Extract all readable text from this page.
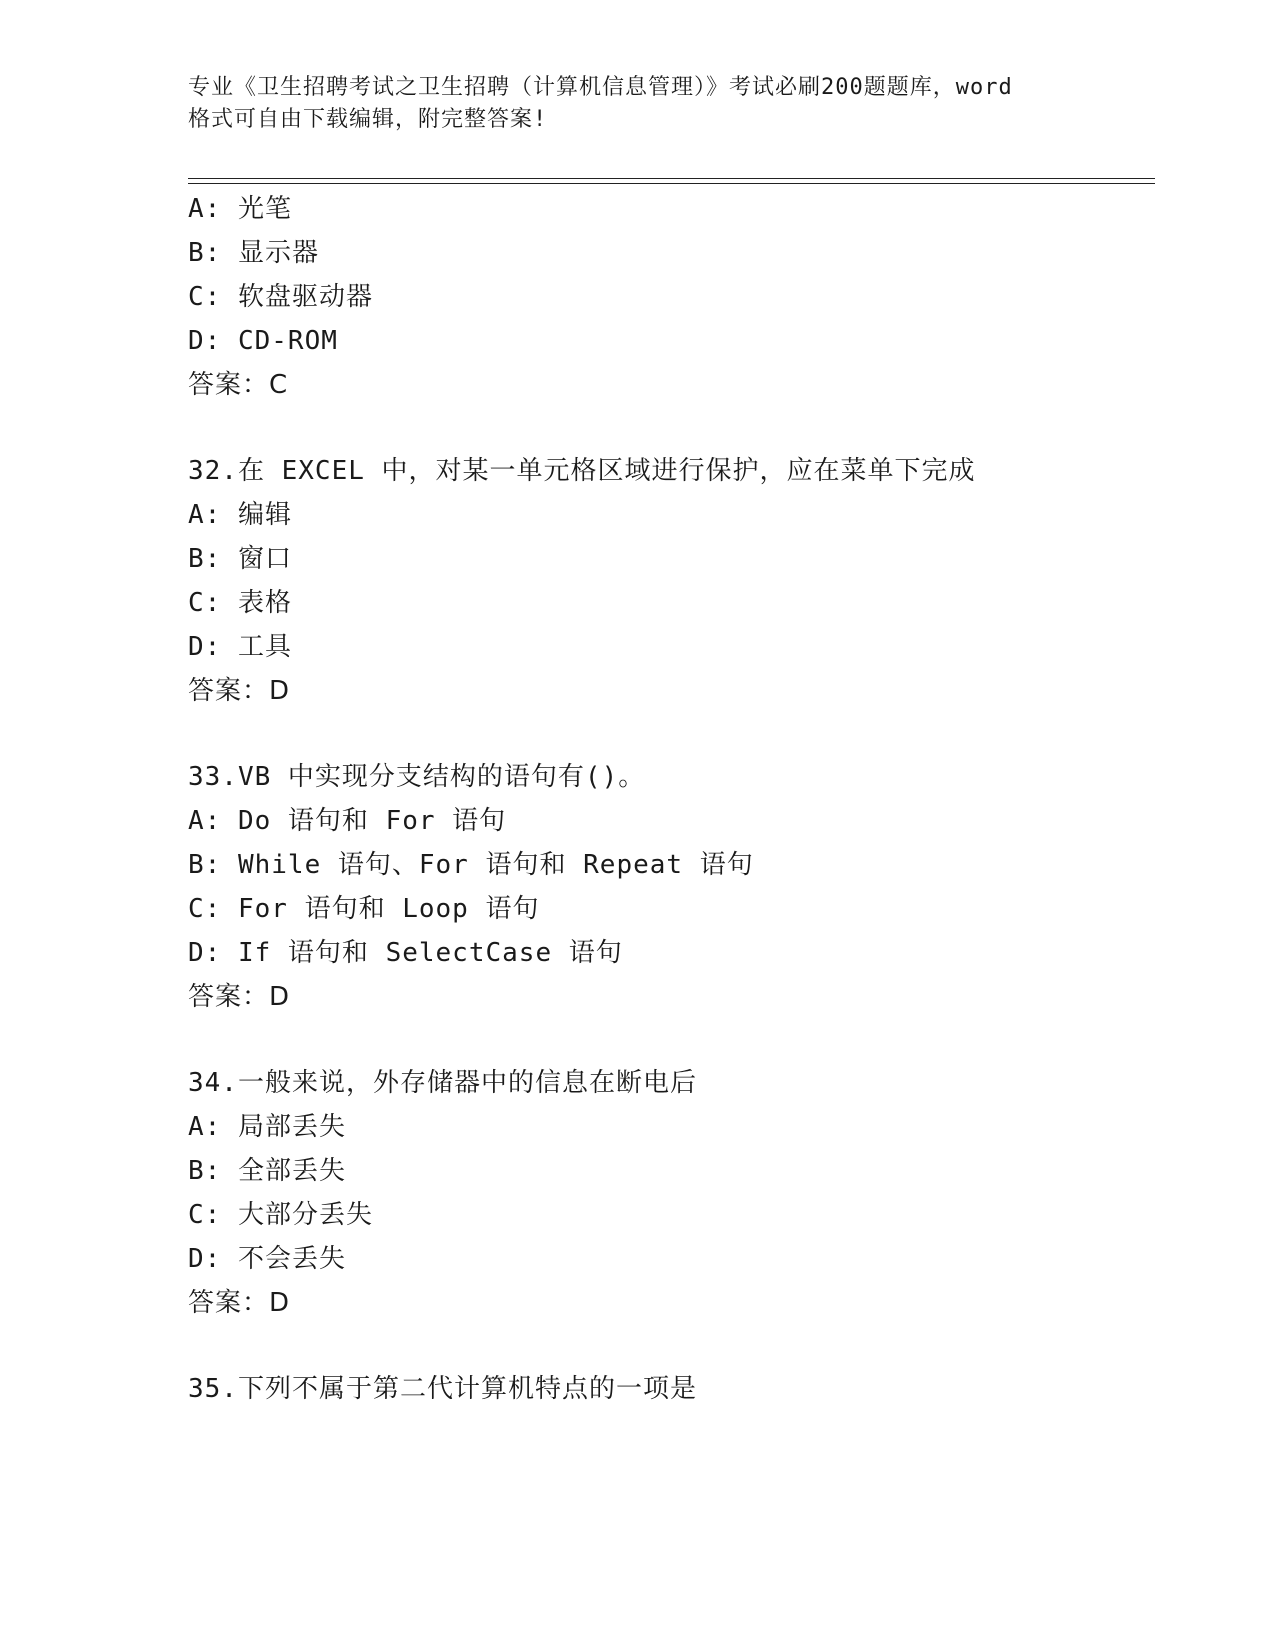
专业《卫生招聘考试之卫生招聘（计算机信息管理）》考试必刷200题题库，word
格式可自由下载编辑，附完整答案!
A: 光笔
B: 显示器
C: 软盘驱动器
D: CD-ROM
答案：C
32.在 EXCEL 中，对某一单元格区域进行保护，应在菜单下完成
A: 编辑
B: 窗口
C: 表格
D: 工具
答案：D
33.VB 中实现分支结构的语句有()。
A: Do 语句和 For 语句
B: While 语句、For 语句和 Repeat 语句
C: For 语句和 Loop 语句
D: If 语句和 SelectCase 语句
答案：D
34.一般来说，外存储器中的信息在断电后
A: 局部丢失
B: 全部丢失
C: 大部分丢失
D: 不会丢失
答案：D
35.下列不属于第二代计算机特点的一项是
